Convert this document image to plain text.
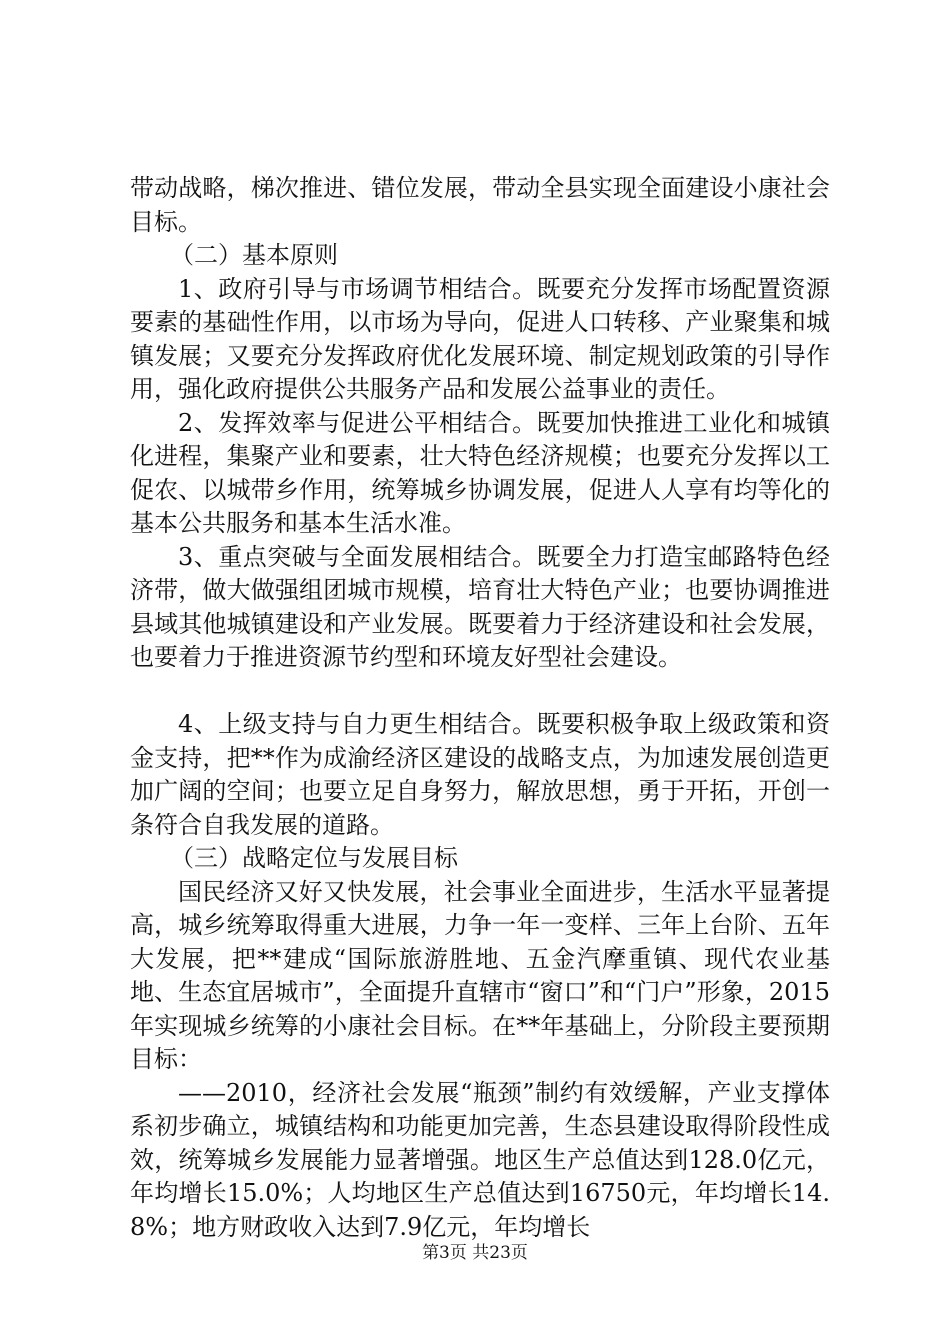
带动战略，梯次推进、错位发展，带动全县实现全面建设小康社会目标。

（二）基本原则

1、政府引导与市场调节相结合。既要充分发挥市场配置资源要素的基础性作用，以市场为导向，促进人口转移、产业聚集和城镇发展；又要充分发挥政府优化发展环境、制定规划政策的引导作用，强化政府提供公共服务产品和发展公益事业的责任。

2、发挥效率与促进公平相结合。既要加快推进工业化和城镇化进程，集聚产业和要素，壮大特色经济规模；也要充分发挥以工促农、以城带乡作用，统筹城乡协调发展，促进人人享有均等化的基本公共服务和基本生活水准。

3、重点突破与全面发展相结合。既要全力打造宝邮路特色经济带，做大做强组团城市规模，培育壮大特色产业；也要协调推进县域其他城镇建设和产业发展。既要着力于经济建设和社会发展，也要着力于推进资源节约型和环境友好型社会建设。

4、上级支持与自力更生相结合。既要积极争取上级政策和资金支持，把**作为成渝经济区建设的战略支点，为加速发展创造更加广阔的空间；也要立足自身努力，解放思想，勇于开拓，开创一条符合自我发展的道路。

（三）战略定位与发展目标

国民经济又好又快发展，社会事业全面进步，生活水平显著提高，城乡统筹取得重大进展，力争一年一变样、三年上台阶、五年大发展，把**建成“国际旅游胜地、五金汽摩重镇、现代农业基地、生态宜居城市”，全面提升直辖市“窗口”和“门户”形象，2015年实现城乡统筹的小康社会目标。在**年基础上，分阶段主要预期目标：

——2010，经济社会发展“瓶颈”制约有效缓解，产业支撑体系初步确立，城镇结构和功能更加完善，生态县建设取得阶段性成效，统筹城乡发展能力显著增强。地区生产总值达到128.0亿元，年均增长15.0%；人均地区生产总值达到16750元，年均增长14.8%；地方财政收入达到7.9亿元，年均增长

第3页 共23页
